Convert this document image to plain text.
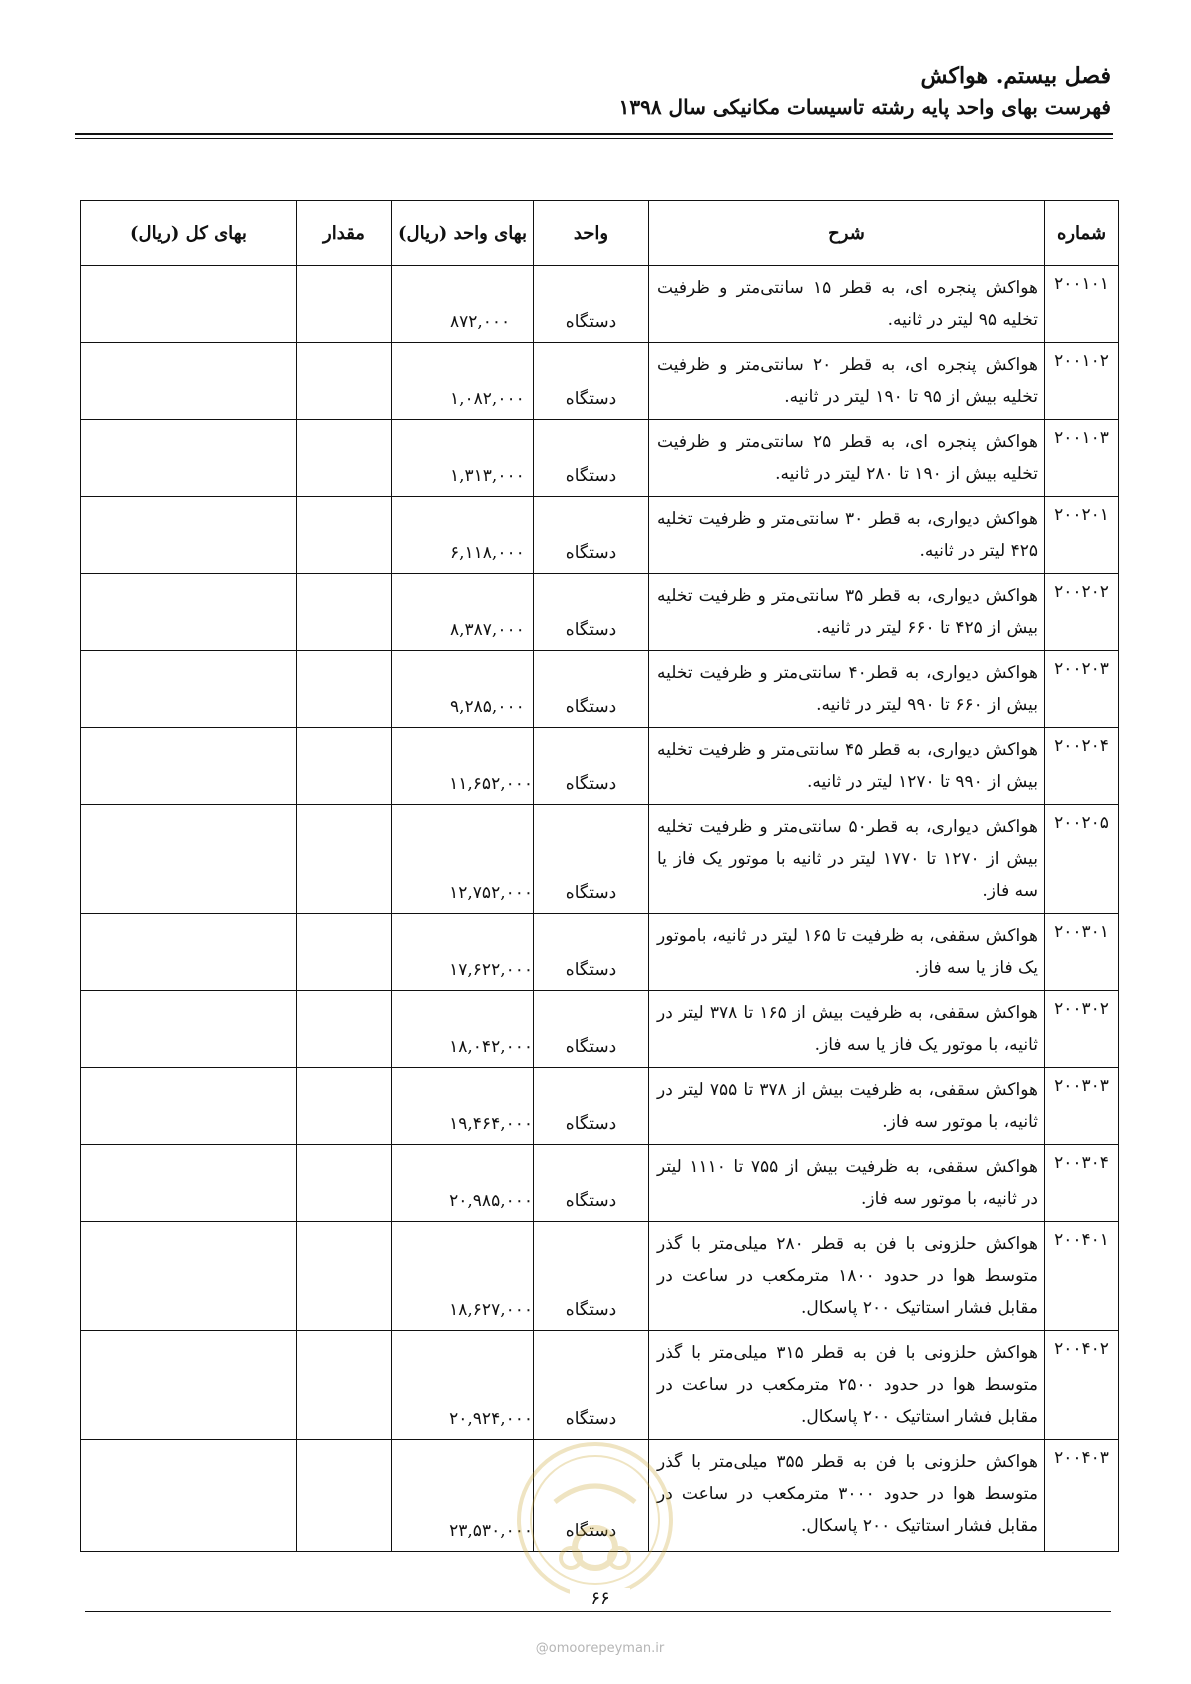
فصل بیستم. هواکش
فهرست بهای واحد پایه رشته تاسیسات مکانیکی سال ۱۳۹۸
شماره	شرح	واحد	بهای واحد (ریال)	مقدار	بهای کل (ریال)
۲۰۰۱۰۱	هواکش پنجره ای، به قطر ۱۵ سانتی‌متر و ظرفیت تخلیه ۹۵ لیتر در ثانیه.	دستگاه	۸۷۲,۰۰۰		
۲۰۰۱۰۲	هواکش پنجره ای، به قطر ۲۰ سانتی‌متر و ظرفیت تخلیه بیش از ۹۵ تا ۱۹۰ لیتر در ثانیه.	دستگاه	۱,۰۸۲,۰۰۰		
۲۰۰۱۰۳	هواکش پنجره ای، به قطر ۲۵ سانتی‌متر و ظرفیت تخلیه بیش از ۱۹۰ تا ۲۸۰ لیتر در ثانیه.	دستگاه	۱,۳۱۳,۰۰۰		
۲۰۰۲۰۱	هواکش دیواری، به قطر ۳۰ سانتی‌متر و ظرفیت تخلیه ۴۲۵ لیتر در ثانیه.	دستگاه	۶,۱۱۸,۰۰۰		
۲۰۰۲۰۲	هواکش دیواری، به قطر ۳۵ سانتی‌متر و ظرفیت تخلیه بیش از ۴۲۵ تا ۶۶۰ لیتر در ثانیه.	دستگاه	۸,۳۸۷,۰۰۰		
۲۰۰۲۰۳	هواکش دیواری، به قطر۴۰ سانتی‌متر و ظرفیت تخلیه بیش از ۶۶۰ تا ۹۹۰ لیتر در ثانیه.	دستگاه	۹,۲۸۵,۰۰۰		
۲۰۰۲۰۴	هواکش دیواری، به قطر ۴۵ سانتی‌متر و ظرفیت تخلیه بیش از ۹۹۰ تا ۱۲۷۰ لیتر در ثانیه.	دستگاه	۱۱,۶۵۲,۰۰۰		
۲۰۰۲۰۵	هواکش دیواری، به قطر۵۰ سانتی‌متر و ظرفیت تخلیه بیش از ۱۲۷۰ تا ۱۷۷۰ لیتر در ثانیه با موتور یک فاز یا سه فاز.	دستگاه	۱۲,۷۵۲,۰۰۰		
۲۰۰۳۰۱	هواکش سقفی، به ظرفیت تا ۱۶۵ لیتر در ثانیه، باموتور یک فاز یا سه فاز.	دستگاه	۱۷,۶۲۲,۰۰۰		
۲۰۰۳۰۲	هواکش سقفی، به ظرفیت بیش از ۱۶۵ تا ۳۷۸ لیتر در ثانیه، با موتور یک فاز یا سه فاز.	دستگاه	۱۸,۰۴۲,۰۰۰		
۲۰۰۳۰۳	هواکش سقفی، به ظرفیت بیش از ۳۷۸ تا ۷۵۵ لیتر در ثانیه، با موتور سه فاز.	دستگاه	۱۹,۴۶۴,۰۰۰		
۲۰۰۳۰۴	هواکش سقفی، به ظرفیت بیش از ۷۵۵ تا ۱۱۱۰ لیتر در ثانیه، با موتور سه فاز.	دستگاه	۲۰,۹۸۵,۰۰۰		
۲۰۰۴۰۱	هواکش حلزونی با فن به قطر ۲۸۰ میلی‌متر با گذر متوسط هوا در حدود ۱۸۰۰ مترمکعب در ساعت در مقابل فشار استاتیک ۲۰۰ پاسکال.	دستگاه	۱۸,۶۲۷,۰۰۰		
۲۰۰۴۰۲	هواکش حلزونی با فن به قطر ۳۱۵ میلی‌متر با گذر متوسط هوا در حدود ۲۵۰۰ مترمکعب در ساعت در مقابل فشار استاتیک ۲۰۰ پاسکال.	دستگاه	۲۰,۹۲۴,۰۰۰		
۲۰۰۴۰۳	هواکش حلزونی با فن به قطر ۳۵۵ میلی‌متر با گذر متوسط هوا در حدود ۳۰۰۰ مترمکعب در ساعت در مقابل فشار استاتیک ۲۰۰ پاسکال.	دستگاه	۲۳,۵۳۰,۰۰۰		
۶۶
@omoorepeyman.ir
